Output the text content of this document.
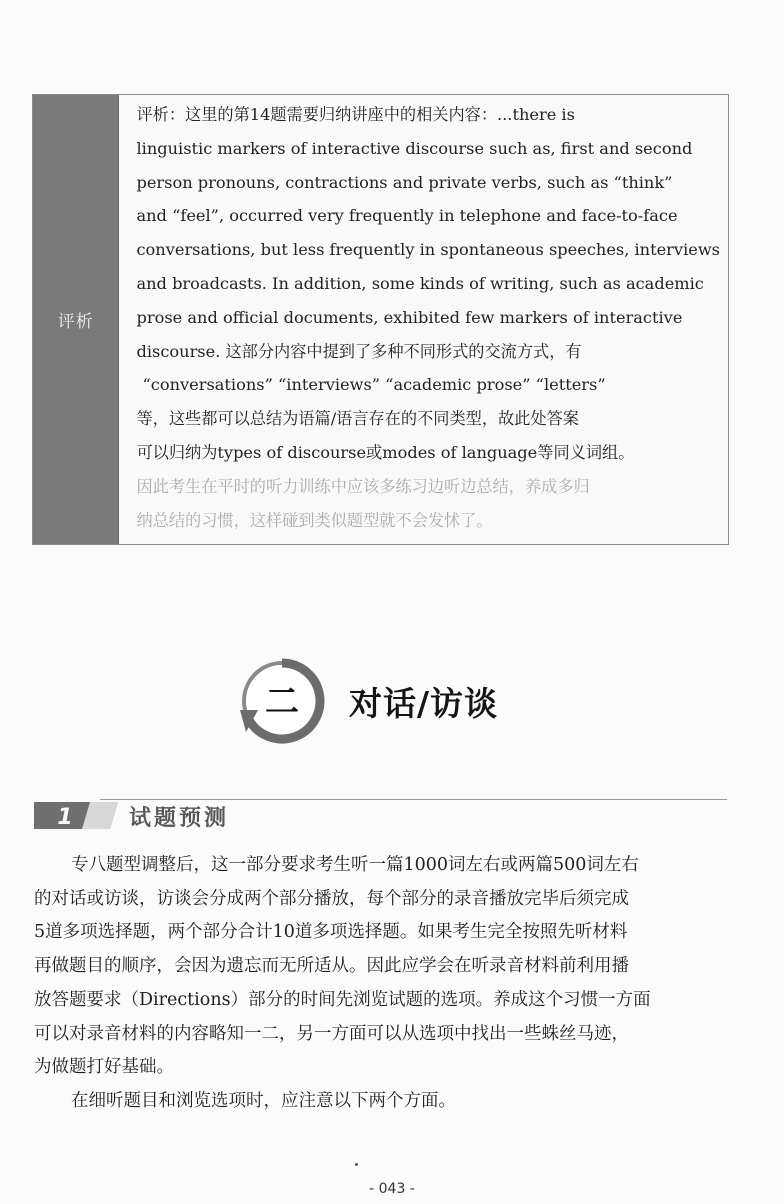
评析
评析：这里的第14题需要归纳讲座中的相关内容：...there is
linguistic markers of interactive discourse such as, first and second
person pronouns, contractions and private verbs, such as “think”
and “feel”, occurred very frequently in telephone and face-to-face
conversations, but less frequently in spontaneous speeches, interviews
and broadcasts. In addition, some kinds of writing, such as academic
prose and official documents, exhibited few markers of interactive
discourse. 这部分内容中提到了多种不同形式的交流方式，有
“conversations” “interviews” “academic prose” “letters”
等，这些都可以总结为语篇/语言存在的不同类型，故此处答案
可以归纳为types of discourse或modes of language等同义词组。
因此考生在平时的听力训练中应该多练习边听边总结，养成多归
纳总结的习惯，这样碰到类似题型就不会发怵了。
二 对话/访谈
1	试题预测
专八题型调整后，这一部分要求考生听一篇1000词左右或两篇500词左右
的对话或访谈，访谈会分成两个部分播放，每个部分的录音播放完毕后须完成
5道多项选择题，两个部分合计10道多项选择题。如果考生完全按照先听材料
再做题目的顺序，会因为遗忘而无所适从。因此应学会在听录音材料前利用播
放答题要求（Directions）部分的时间先浏览试题的选项。养成这个习惯一方面
可以对录音材料的内容略知一二，另一方面可以从选项中找出一些蛛丝马迹，
为做题打好基础。
在细听题目和浏览选项时，应注意以下两个方面。
- 043 -
